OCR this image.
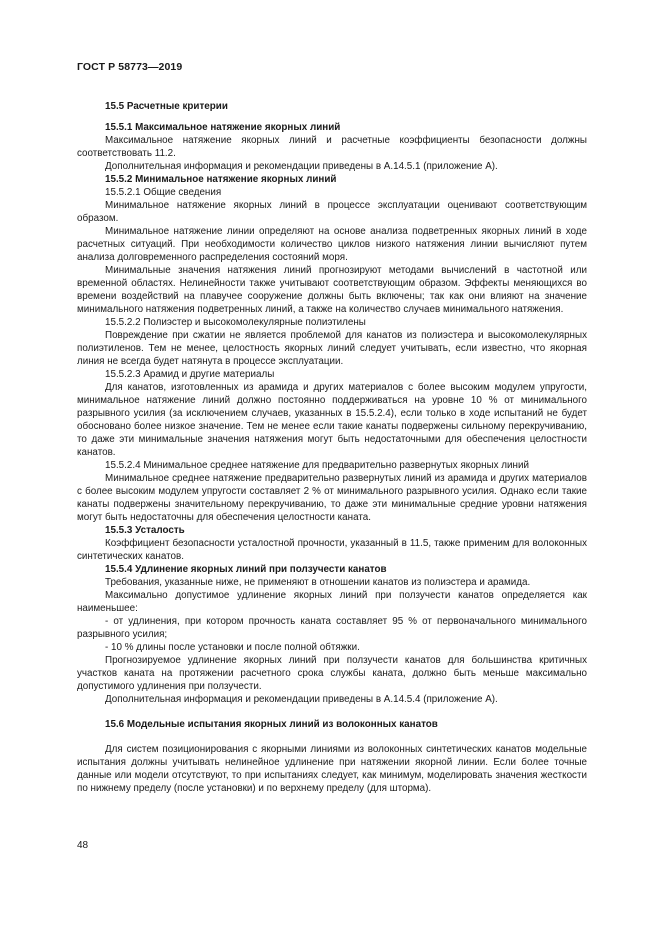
ГОСТ Р 58773—2019

15.5 Расчетные критерии

15.5.1 Максимальное натяжение якорных линий

Максимальное натяжение якорных линий и расчетные коэффициенты безопасности должны соответствовать 11.2.

Дополнительная информация и рекомендации приведены в А.14.5.1 (приложение А).

15.5.2 Минимальное натяжение якорных линий

15.5.2.1 Общие сведения

Минимальное натяжение якорных линий в процессе эксплуатации оценивают соответствующим образом.

Минимальное натяжение линии определяют на основе анализа подветренных якорных линий в ходе расчетных ситуаций. При необходимости количество циклов низкого натяжения линии вычисляют путем анализа долговременного распределения состояний моря.

Минимальные значения натяжения линий прогнозируют методами вычислений в частотной или временной областях. Нелинейности также учитывают соответствующим образом. Эффекты меняющихся во времени воздействий на плавучее сооружение должны быть включены; так как они влияют на значение минимального натяжения подветренных линий, а также на количество случаев минимального натяжения.

15.5.2.2 Полиэстер и высокомолекулярные полиэтилены

Повреждение при сжатии не является проблемой для канатов из полиэстера и высокомолекулярных полиэтиленов. Тем не менее, целостность якорных линий следует учитывать, если известно, что якорная линия не всегда будет натянута в процессе эксплуатации.

15.5.2.3 Арамид и другие материалы

Для канатов, изготовленных из арамида и других материалов с более высоким модулем упругости, минимальное натяжение линий должно постоянно поддерживаться на уровне 10 % от минимального разрывного усилия (за исключением случаев, указанных в 15.5.2.4), если только в ходе испытаний не будет обосновано более низкое значение. Тем не менее если такие канаты подвержены сильному перекручиванию, то даже эти минимальные значения натяжения могут быть недостаточными для обеспечения целостности канатов.

15.5.2.4 Минимальное среднее натяжение для предварительно развернутых якорных линий

Минимальное среднее натяжение предварительно развернутых линий из арамида и других материалов с более высоким модулем упругости составляет 2 % от минимального разрывного усилия. Однако если такие канаты подвержены значительному перекручиванию, то даже эти минимальные средние уровни натяжения могут быть недостаточны для обеспечения целостности каната.

15.5.3 Усталость

Коэффициент безопасности усталостной прочности, указанный в 11.5, также применим для волоконных синтетических канатов.

15.5.4 Удлинение якорных линий при ползучести канатов

Требования, указанные ниже, не применяют в отношении канатов из полиэстера и арамида.

Максимально допустимое удлинение якорных линий при ползучести канатов определяется как наименьшее:

- от удлинения, при котором прочность каната составляет 95 % от первоначального минимального разрывного усилия;

- 10 % длины после установки и после полной обтяжки.

Прогнозируемое удлинение якорных линий при ползучести канатов для большинства критичных участков каната на протяжении расчетного срока службы каната, должно быть меньше максимально допустимого удлинения при ползучести.

Дополнительная информация и рекомендации приведены в А.14.5.4 (приложение А).

15.6 Модельные испытания якорных линий из волоконных канатов

Для систем позиционирования с якорными линиями из волоконных синтетических канатов модельные испытания должны учитывать нелинейное удлинение при натяжении якорной линии. Если более точные данные или модели отсутствуют, то при испытаниях следует, как минимум, моделировать значения жесткости по нижнему пределу (после установки) и по верхнему пределу (для шторма).

48
